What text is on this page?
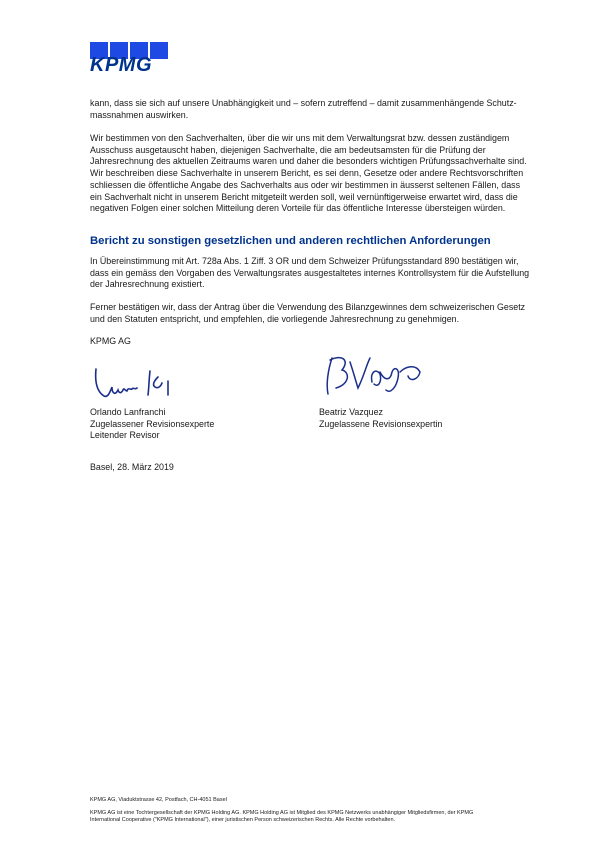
KPMG

kann, dass sie sich auf unsere Unabhängigkeit und – sofern zutreffend – damit zusammenhängende Schutz-massnahmen auswirken.

Wir bestimmen von den Sachverhalten, über die wir uns mit dem Verwaltungsrat bzw. dessen zuständigem Ausschuss ausgetauscht haben, diejenigen Sachverhalte, die am bedeutsamsten für die Prüfung der Jahresrechnung des aktuellen Zeitraums waren und daher die besonders wichtigen Prüfungssachverhalte sind. Wir beschreiben diese Sachverhalte in unserem Bericht, es sei denn, Gesetze oder andere Rechtsvorschriften schliessen die öffentliche Angabe des Sachverhalts aus oder wir bestimmen in äusserst seltenen Fällen, dass ein Sachverhalt nicht in unserem Bericht mitgeteilt werden soll, weil vernünftigerweise erwartet wird, dass die negativen Folgen einer solchen Mitteilung deren Vorteile für das öffentliche Interesse übersteigen würden.

Bericht zu sonstigen gesetzlichen und anderen rechtlichen Anforderungen

In Übereinstimmung mit Art. 728a Abs. 1 Ziff. 3 OR und dem Schweizer Prüfungsstandard 890 bestätigen wir, dass ein gemäss den Vorgaben des Verwaltungsrates ausgestaltetes internes Kontrollsystem für die Aufstellung der Jahresrechnung existiert.

Ferner bestätigen wir, dass der Antrag über die Verwendung des Bilanzgewinnes dem schweizerischen Gesetz und den Statuten entspricht, und empfehlen, die vorliegende Jahresrechnung zu genehmigen.

KPMG AG
Orlando Lanfranchi
Zugelassener Revisionsexperte
Leitender Revisor
Beatriz Vazquez
Zugelassene Revisionsexpertin
Basel, 28. März 2019
KPMG AG, Viaduktstrasse 42, Postfach, CH-4051 Basel
KPMG AG ist eine Tochtergesellschaft der KPMG Holding AG. KPMG Holding AG ist Mitglied des KPMG Netzwerks unabhängiger Mitgliedsfirmen, der KPMG
International Cooperative ("KPMG International"), einer juristischen Person schweizerischen Rechts. Alle Rechte vorbehalten.
